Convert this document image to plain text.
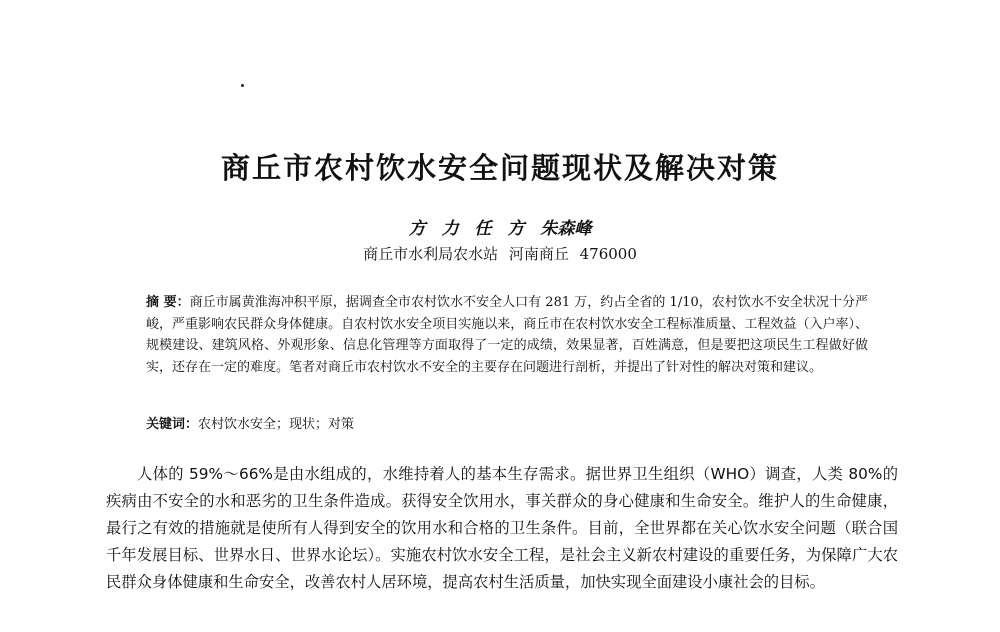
商丘市农村饮水安全问题现状及解决对策
方 力 任 方 朱森峰
商丘市水利局农水站 河南商丘 476000
摘 要：商丘市属黄淮海冲积平原，据调查全市农村饮水不安全人口有 281 万，约占全省的 1/10，农村饮水不安全状况十分严峻，严重影响农民群众身体健康。自农村饮水安全项目实施以来，商丘市在农村饮水安全工程标准质量、工程效益（入户率）、规模建设、建筑风格、外观形象、信息化管理等方面取得了一定的成绩，效果显著，百姓满意，但是要把这项民生工程做好做实，还存在一定的难度。笔者对商丘市农村饮水不安全的主要存在问题进行剖析，并提出了针对性的解决对策和建议。
关键词：农村饮水安全；现状；对策
人体的 59%～66%是由水组成的，水维持着人的基本生存需求。据世界卫生组织（WHO）调查，人类 80%的疾病由不安全的水和恶劣的卫生条件造成。获得安全饮用水，事关群众的身心健康和生命安全。维护人的生命健康，最行之有效的措施就是使所有人得到安全的饮用水和合格的卫生条件。目前，全世界都在关心饮水安全问题（联合国千年发展目标、世界水日、世界水论坛）。实施农村饮水安全工程，是社会主义新农村建设的重要任务，为保障广大农民群众身体健康和生命安全，改善农村人居环境，提高农村生活质量，加快实现全面建设小康社会的目标。
